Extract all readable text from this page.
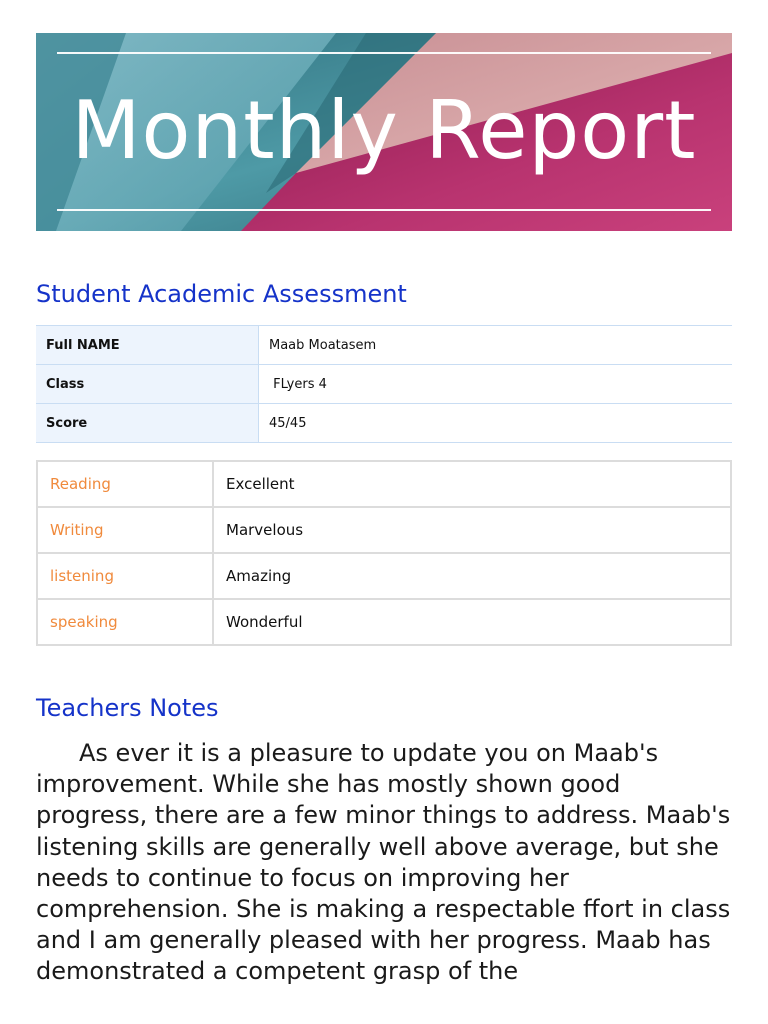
Monthly Report
Student Academic Assessment
Full NAME	Maab Moatasem
Class	FLyers 4
Score	45/45
Reading	Excellent
Writing	Marvelous
listening	Amazing
speaking	Wonderful
Teachers Notes

As ever it is a pleasure to update you on Maab's improvement. While she has mostly shown good progress, there are a few minor things to address. Maab's listening skills are generally well above average, but she needs to continue to focus on improving her comprehension. She is making a respectable ffort in class and I am generally pleased with her progress. Maab has demonstrated a competent grasp of the
